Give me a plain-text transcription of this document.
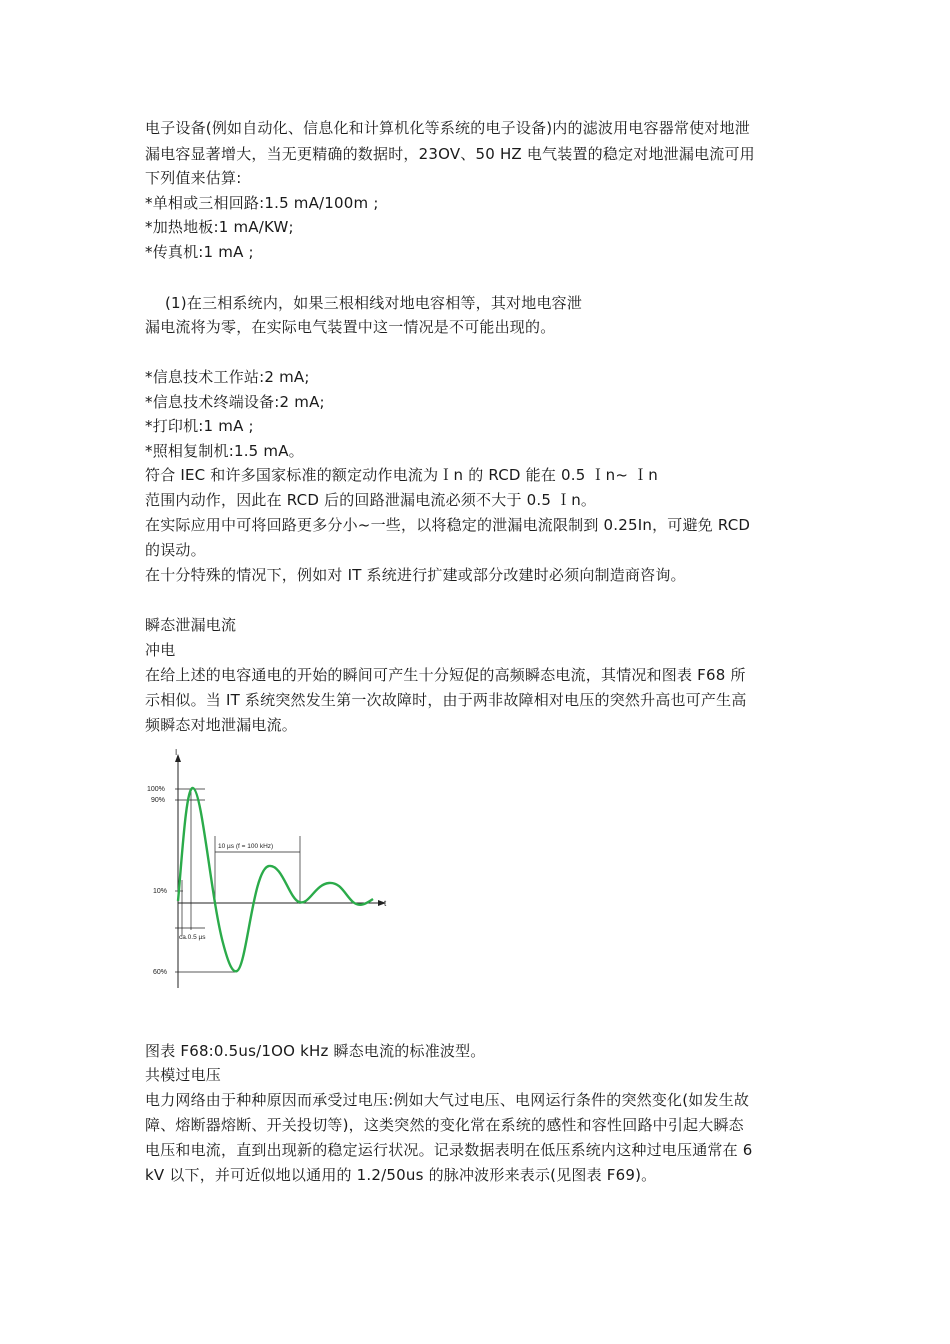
电子设备(例如自动化、信息化和计算机化等系统的电子设备)内的滤波用电容器常使对地泄
漏电容显著增大，当无更精确的数据时，23OV、50 HZ 电气装置的稳定对地泄漏电流可用
下列值来估算:
*单相或三相回路:1.5 mA/100m ;
*加热地板:1 mA/KW;
*传真机:1 mA ;
(1)在三相系统内，如果三根相线对地电容相等，其对地电容泄
漏电流将为零，在实际电气装置中这一情况是不可能出现的。
*信息技术工作站:2 mA;
*信息技术终端设备:2 mA;
*打印机:1 mA ;
*照相复制机:1.5 mA。
符合 IEC 和许多国家标准的额定动作电流为Ｉn 的 RCD 能在 0.5 Ｉn~ Ｉn
范围内动作，因此在 RCD 后的回路泄漏电流必须不大于 0.5 Ｉn。
在实际应用中可将回路更多分小~一些，以将稳定的泄漏电流限制到 0.25In，可避免 RCD
的误动。
在十分特殊的情况下，例如对 IT 系统进行扩建或部分改建时必须向制造商咨询。
瞬态泄漏电流
冲电
在给上述的电容通电的开始的瞬间可产生十分短促的高频瞬态电流，其情况和图表 F68 所
示相似。当 IT 系统突然发生第一次故障时，由于两非故障相对电压的突然升高也可产生高
频瞬态对地泄漏电流。
I
t
100%
90%
10%
60%
10 µs (f = 100 kHz)
ca.0.5 µs
图表 F68:0.5us/1OO kHz 瞬态电流的标准波型。
共模过电压
电力网络由于种种原因而承受过电压:例如大气过电压、电网运行条件的突然变化(如发生故
障、熔断器熔断、开关投切等)，这类突然的变化常在系统的感性和容性回路中引起大瞬态
电压和电流，直到出现新的稳定运行状况。记录数据表明在低压系统内这种过电压通常在 6
kV 以下，并可近似地以通用的 1.2/50us 的脉冲波形来表示(见图表 F69)。
